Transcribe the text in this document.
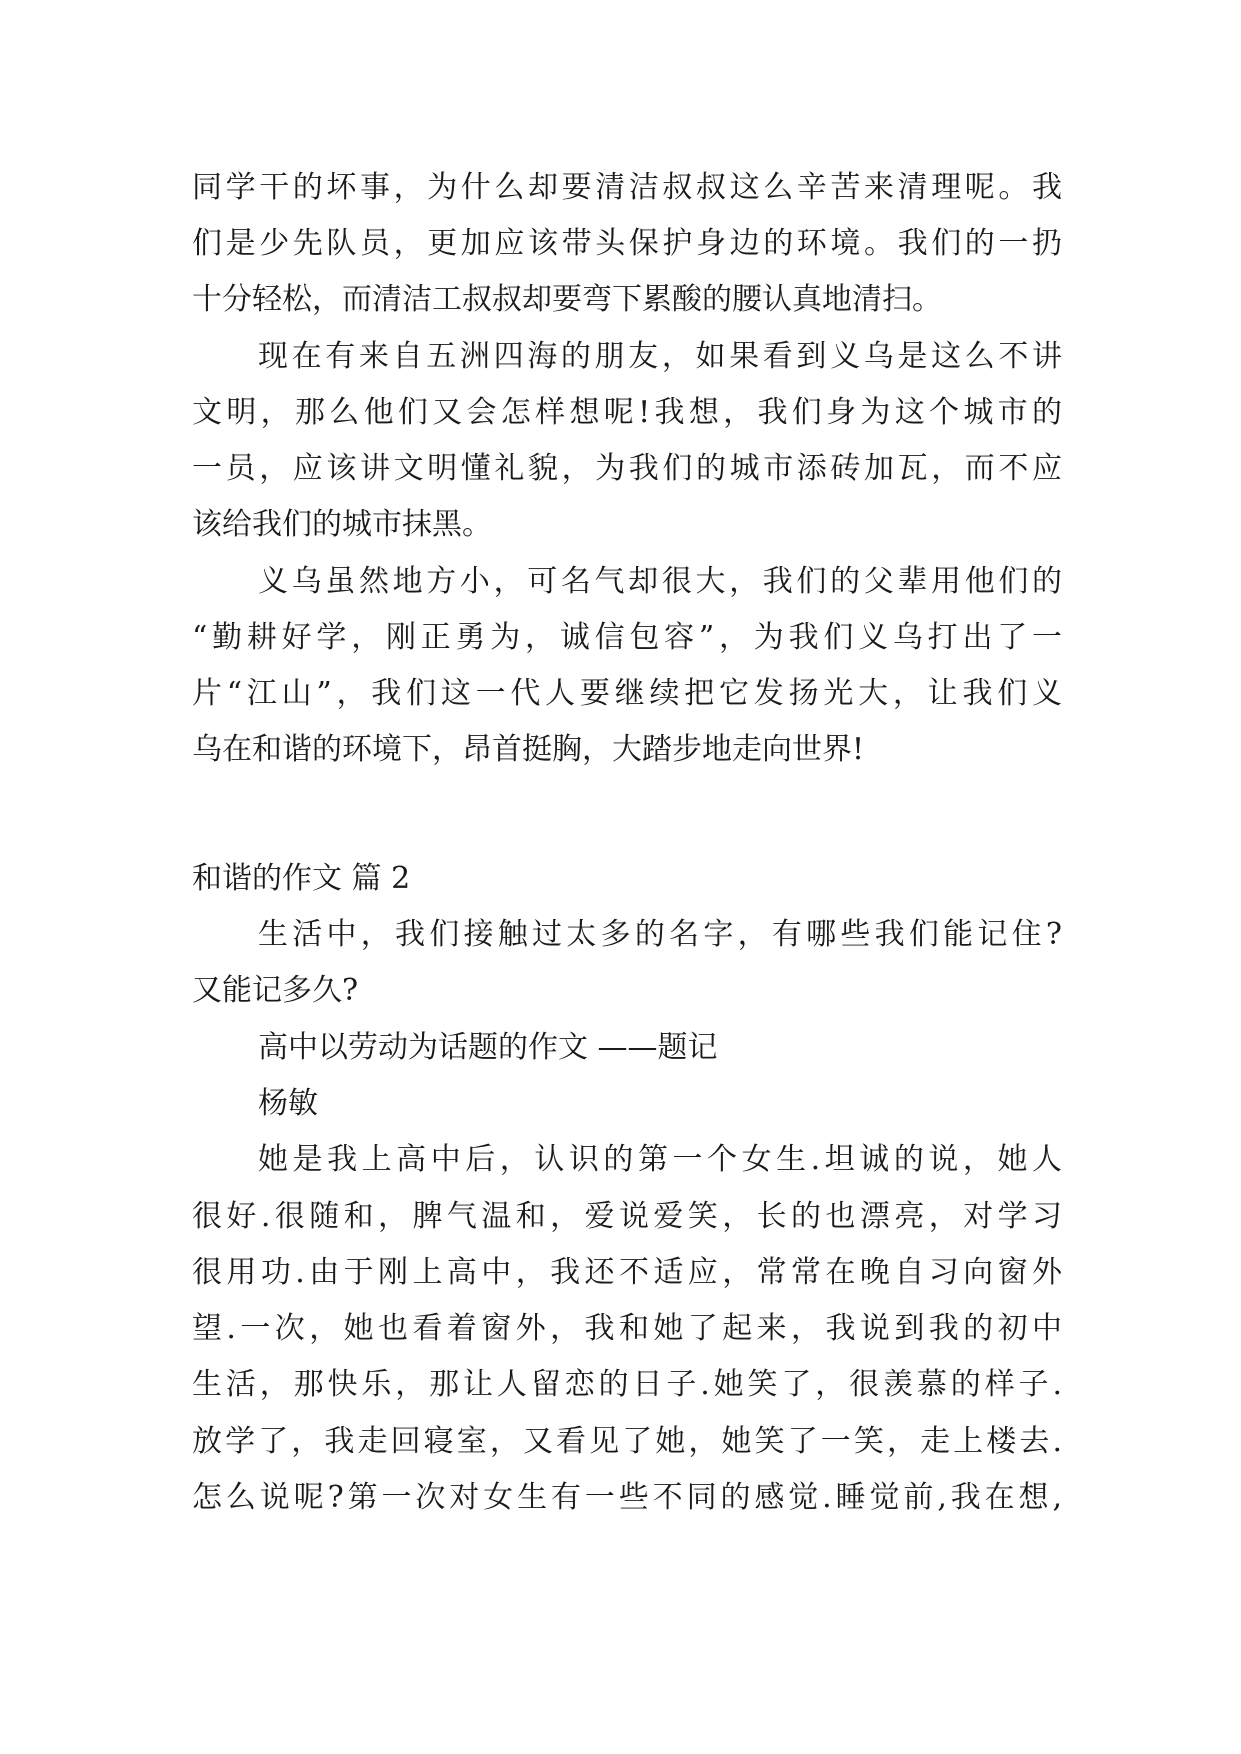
同学干的坏事，为什么却要清洁叔叔这么辛苦来清理呢。我
们是少先队员，更加应该带头保护身边的环境。我们的一扔
十分轻松，而清洁工叔叔却要弯下累酸的腰认真地清扫。
现在有来自五洲四海的朋友，如果看到义乌是这么不讲
文明，那么他们又会怎样想呢!我想，我们身为这个城市的
一员，应该讲文明懂礼貌，为我们的城市添砖加瓦，而不应
该给我们的城市抹黑。
义乌虽然地方小，可名气却很大，我们的父辈用他们的
“勤耕好学，刚正勇为，诚信包容”，为我们义乌打出了一
片“江山”，我们这一代人要继续把它发扬光大，让我们义
乌在和谐的环境下，昂首挺胸，大踏步地走向世界!
和谐的作文 篇 2
生活中，我们接触过太多的名字，有哪些我们能记住?
又能记多久?
高中以劳动为话题的作文 ——题记
杨敏
她是我上高中后，认识的第一个女生.坦诚的说，她人
很好.很随和，脾气温和，爱说爱笑，长的也漂亮，对学习
很用功.由于刚上高中，我还不适应，常常在晚自习向窗外
望.一次，她也看着窗外，我和她了起来，我说到我的初中
生活，那快乐，那让人留恋的日子.她笑了，很羡慕的样子.
放学了，我走回寝室，又看见了她，她笑了一笑，走上楼去.
怎么说呢?第一次对女生有一些不同的感觉.睡觉前,我在想,
